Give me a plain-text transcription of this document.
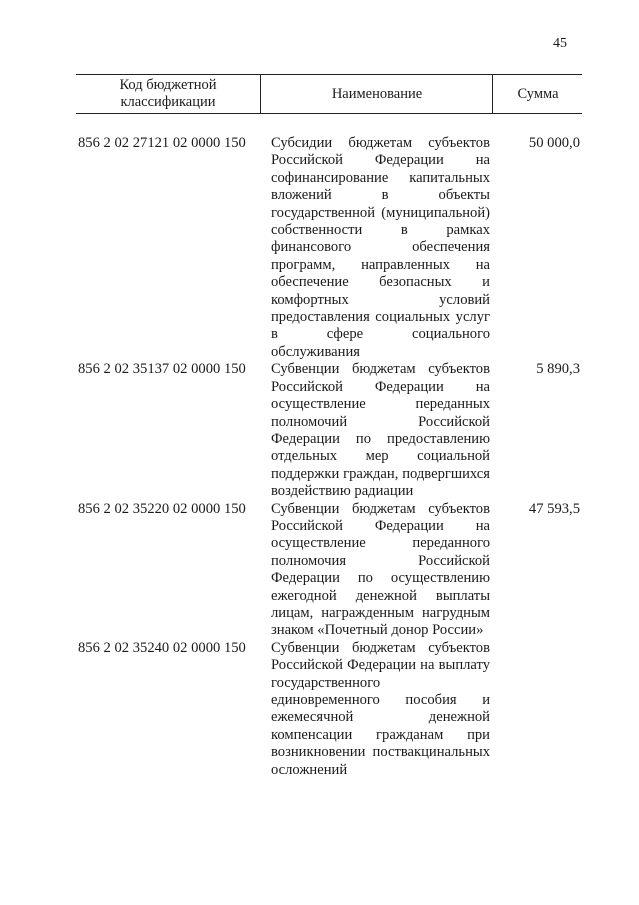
45
Код бюджетной классификации
Наименование	Сумма
856 2 02 27121 02 0000 150 Субсидии бюджетам субъектов Российской Федерации на софинансирование капитальных вложений в объекты государственной (муниципальной) собственности в рамках финансового обеспечения программ, направленных на обеспечение безопасных и комфортных условий предоставления социальных услуг в сфере социального обслуживания
50 000,0
856 2 02 35137 02 0000 150 Субвенции бюджетам субъектов Российской Федерации на осуществление переданных полномочий Российской Федерации по предоставлению отдельных мер социальной поддержки граждан, подвергшихся воздействию радиации
5 890,3
856 2 02 35220 02 0000 150 Субвенции бюджетам субъектов Российской Федерации на осуществление переданного полномочия Российской Федерации по осуществлению ежегодной денежной выплаты лицам, награжденным нагрудным знаком «Почетный донор России»
47 593,5
856 2 02 35240 02 0000 150 Субвенции бюджетам субъектов Российской Федерации на выплату государственного единовременного пособия и ежемесячной денежной компенсации гражданам при возникновении поствакцинальных осложнений
